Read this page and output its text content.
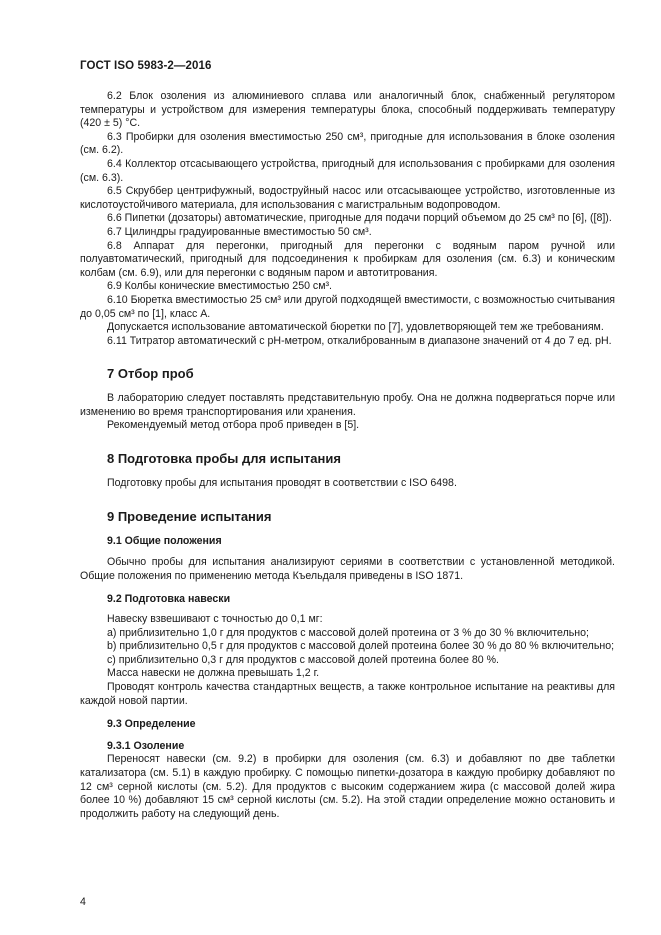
ГОСТ ISO 5983-2—2016

6.2 Блок озоления из алюминиевого сплава или аналогичный блок, снабженный регулятором температуры и устройством для измерения температуры блока, способный поддерживать температуру (420 ± 5) °С.

6.3 Пробирки для озоления вместимостью 250 см³, пригодные для использования в блоке озоления (см. 6.2).

6.4 Коллектор отсасывающего устройства, пригодный для использования с пробирками для озоления (см. 6.3).

6.5 Скруббер центрифужный, водоструйный насос или отсасывающее устройство, изготовленные из кислотоустойчивого материала, для использования с магистральным водопроводом.

6.6 Пипетки (дозаторы) автоматические, пригодные для подачи порций объемом до 25 см³ по [6], ([8]).

6.7 Цилиндры градуированные вместимостью 50 см³.

6.8 Аппарат для перегонки, пригодный для перегонки с водяным паром ручной или полуавтоматический, пригодный для подсоединения к пробиркам для озоления (см. 6.3) и коническим колбам (см. 6.9), или для перегонки с водяным паром и автотитрования.

6.9 Колбы конические вместимостью 250 см³.

6.10 Бюретка вместимостью 25 см³ или другой подходящей вместимости, с возможностью считывания до 0,05 см³ по [1], класс А.

Допускается использование автоматической бюретки по [7], удовлетворяющей тем же требованиям.

6.11 Титратор автоматический с рН-метром, откалиброванным в диапазоне значений от 4 до 7 ед. рН.

7 Отбор проб

В лабораторию следует поставлять представительную пробу. Она не должна подвергаться порче или изменению во время транспортирования или хранения.

Рекомендуемый метод отбора проб приведен в [5].

8 Подготовка пробы для испытания

Подготовку пробы для испытания проводят в соответствии с ISO 6498.

9 Проведение испытания
9.1 Общие положения

Обычно пробы для испытания анализируют сериями в соответствии с установленной методикой. Общие положения по применению метода Къельдаля приведены в ISO 1871.

9.2 Подготовка навески

Навеску взвешивают с точностью до 0,1 мг:

а) приблизительно 1,0 г для продуктов с массовой долей протеина от 3 % до 30 % включительно;

b) приблизительно 0,5 г для продуктов с массовой долей протеина более 30 % до 80 % включительно;

c) приблизительно 0,3 г для продуктов с массовой долей протеина более 80 %.

Масса навески не должна превышать 1,2 г.

Проводят контроль качества стандартных веществ, а также контрольное испытание на реактивы для каждой новой партии.

9.3 Определение
9.3.1 Озоление

Переносят навески (см. 9.2) в пробирки для озоления (см. 6.3) и добавляют по две таблетки катализатора (см. 5.1) в каждую пробирку. С помощью пипетки-дозатора в каждую пробирку добавляют по 12 см³ серной кислоты (см. 5.2). Для продуктов с высоким содержанием жира (с массовой долей жира более 10 %) добавляют 15 см³ серной кислоты (см. 5.2). На этой стадии определение можно остановить и продолжить работу на следующий день.

4
